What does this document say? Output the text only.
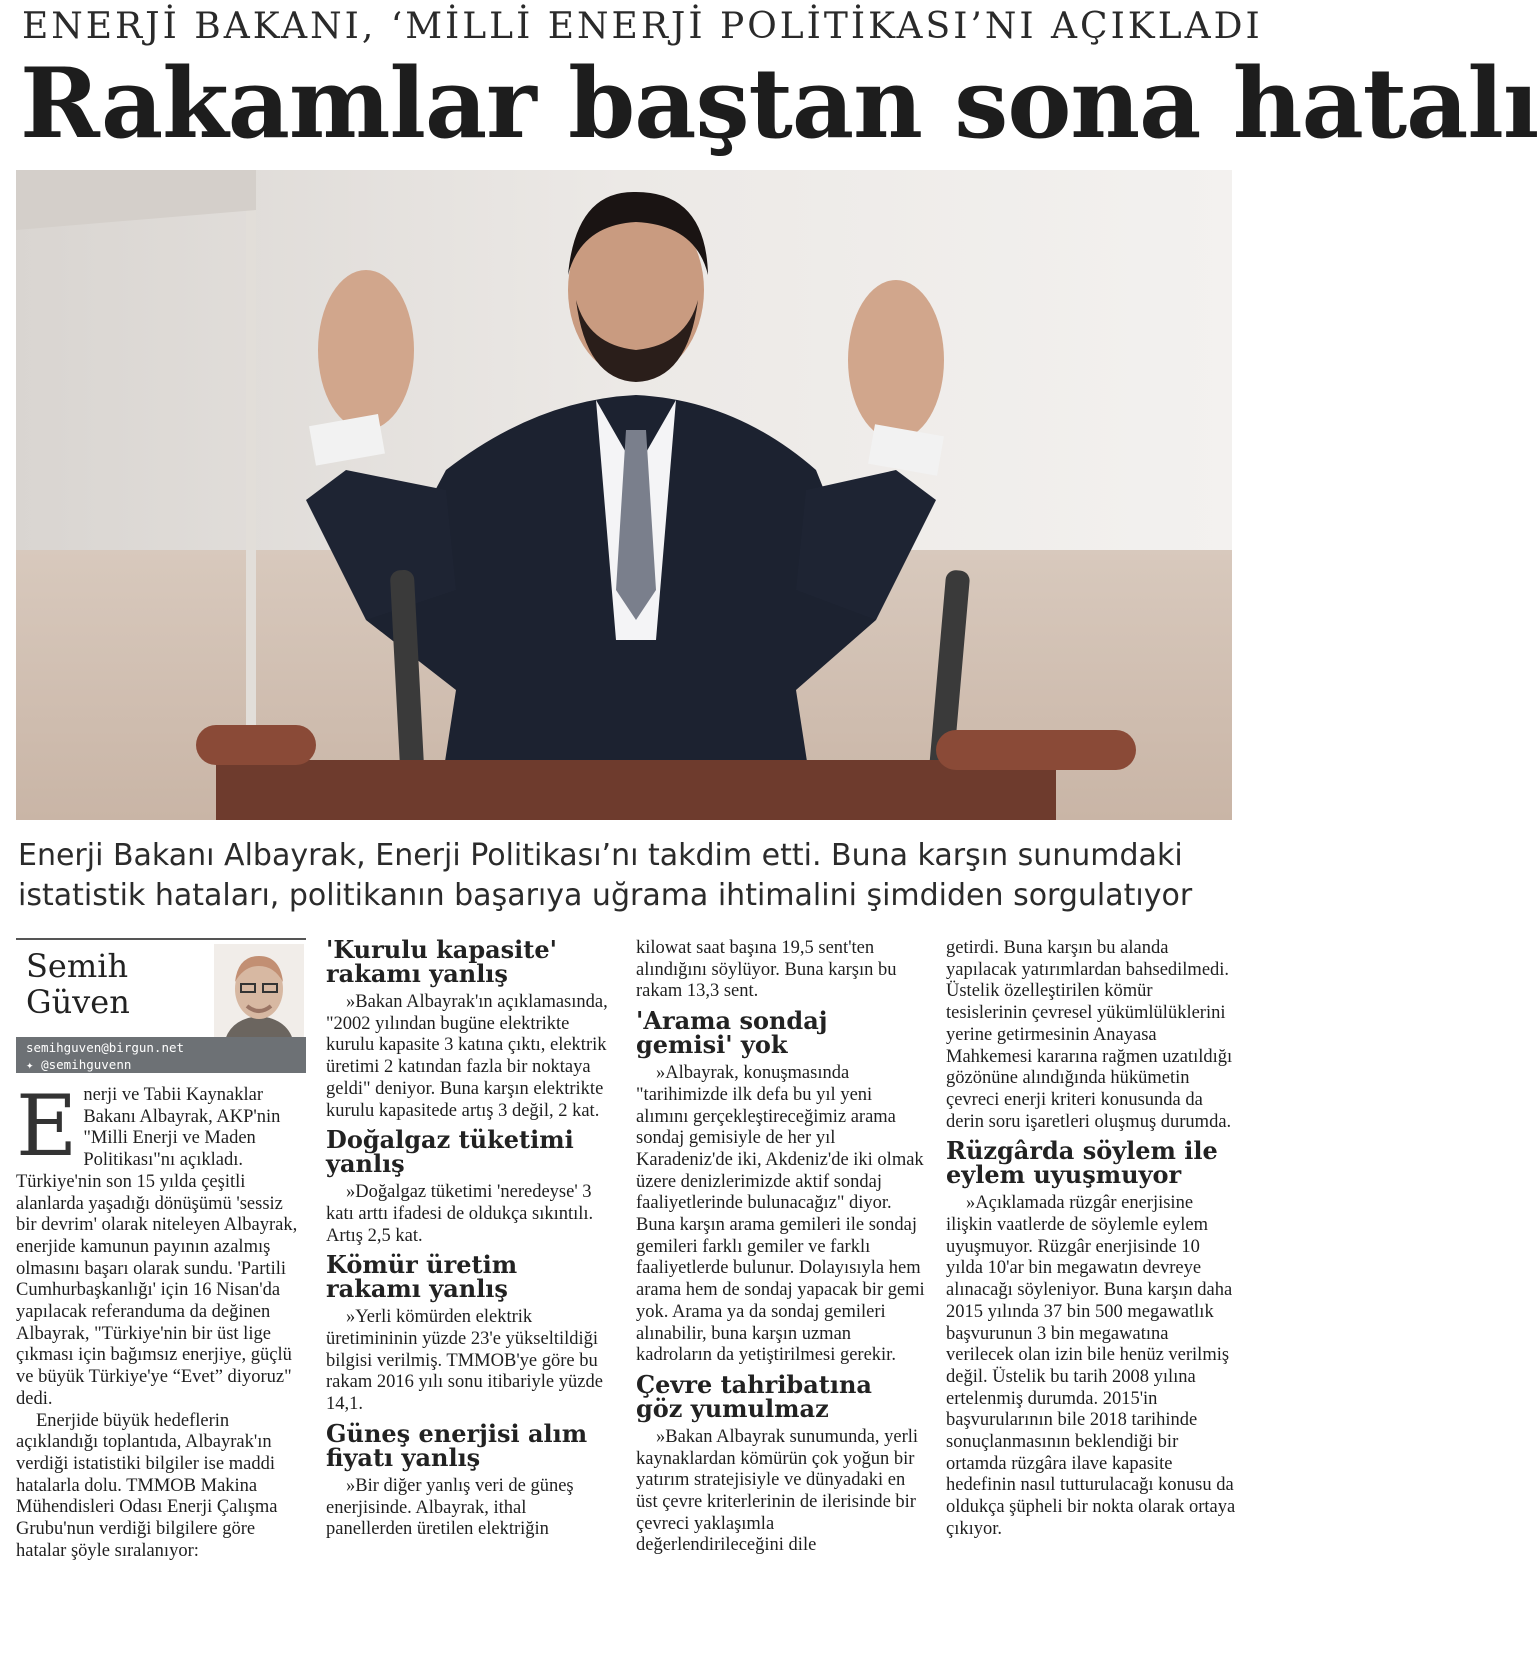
ENERJİ BAKANI, ‘MİLLİ ENERJİ POLİTİKASI’NI AÇIKLADI
Rakamlar baştan sona hatalı

Enerji Bakanı Albayrak, Enerji Politikası’nı takdim etti. Buna karşın sunumdaki

istatistik hataları, politikanın başarıya uğrama ihtimalini şimdiden sorgulatıyor

Semih
Güven
semihguven@birgun.net
✦ @semihguvenn

Enerji ve Tabii Kaynaklar Bakanı Albayrak, AKP'nin "Milli Enerji ve Maden Politikası"nı açıkladı. Türkiye'nin son 15 yılda çeşitli alanlarda yaşadığı dönüşümü 'sessiz bir devrim' olarak niteleyen Albayrak, enerjide kamunun payının azalmış olmasını başarı olarak sundu. 'Partili Cumhurbaşkanlığı' için 16 Nisan'da yapılacak referanduma da değinen Albayrak, "Türkiye'nin bir üst lige çıkması için bağımsız enerjiye, güçlü ve büyük Türkiye'ye “Evet” diyoruz" dedi.

Enerjide büyük hedeflerin açıklandığı toplantıda, Albayrak'ın verdiği istatistiki bilgiler ise maddi hatalarla dolu. TMMOB Makina Mühendisleri Odası Enerji Çalışma Grubu'nun verdiği bilgilere göre hatalar şöyle sıralanıyor:

'Kurulu kapasite' rakamı yanlış

»Bakan Albayrak'ın açıklamasında, "2002 yılından bugüne elektrikte kurulu kapasite 3 katına çıktı, elektrik üretimi 2 katından fazla bir noktaya geldi" deniyor. Buna karşın elektrikte kurulu kapasitede artış 3 değil, 2 kat.

Doğalgaz tüketimi yanlış

»Doğalgaz tüketimi 'neredeyse' 3 katı arttı ifadesi de oldukça sıkıntılı. Artış 2,5 kat.

Kömür üretim rakamı yanlış

»Yerli kömürden elektrik üretimininin yüzde 23'e yükseltildiği bilgisi verilmiş. TMMOB'ye göre bu rakam 2016 yılı sonu itibariyle yüzde 14,1.

Güneş enerjisi alım fiyatı yanlış

»Bir diğer yanlış veri de güneş enerjisinde. Albayrak, ithal panellerden üretilen elektriğin

kilowat saat başına 19,5 sent'ten alındığını söylüyor. Buna karşın bu rakam 13,3 sent.

'Arama sondaj gemisi' yok

»Albayrak, konuşmasında "tarihimizde ilk defa bu yıl yeni alımını gerçekleştireceğimiz arama sondaj gemisiyle de her yıl Karadeniz'de iki, Akdeniz'de iki olmak üzere denizlerimizde aktif sondaj faaliyetlerinde bulunacağız" diyor. Buna karşın arama gemileri ile sondaj gemileri farklı gemiler ve farklı faaliyetlerde bulunur. Dolayısıyla hem arama hem de sondaj yapacak bir gemi yok. Arama ya da sondaj gemileri alınabilir, buna karşın uzman kadroların da yetiştirilmesi gerekir.

Çevre tahribatına göz yumulmaz

»Bakan Albayrak sunumunda, yerli kaynaklardan kömürün çok yoğun bir yatırım stratejisiyle ve dünyadaki en üst çevre kriterlerinin de ilerisinde bir çevreci yaklaşımla değerlendirileceğini dile

getirdi. Buna karşın bu alanda yapılacak yatırımlardan bahsedilmedi. Üstelik özelleştirilen kömür tesislerinin çevresel yükümlülüklerini yerine getirmesinin Anayasa Mahkemesi kararına rağmen uzatıldığı gözönüne alındığında hükümetin çevreci enerji kriteri konusunda da derin soru işaretleri oluşmuş durumda.

Rüzgârda söylem ile eylem uyuşmuyor

»Açıklamada rüzgâr enerjisine ilişkin vaatlerde de söylemle eylem uyuşmuyor. Rüzgâr enerjisinde 10 yılda 10'ar bin megawatın devreye alınacağı söyleniyor. Buna karşın daha 2015 yılında 37 bin 500 megawatlık başvurunun 3 bin megawatına verilecek olan izin bile henüz verilmiş değil. Üstelik bu tarih 2008 yılına ertelenmiş durumda. 2015'in başvurularının bile 2018 tarihinde sonuçlanmasının beklendiği bir ortamda rüzgâra ilave kapasite hedefinin nasıl tutturulacağı konusu da oldukça şüpheli bir nokta olarak ortaya çıkıyor.
